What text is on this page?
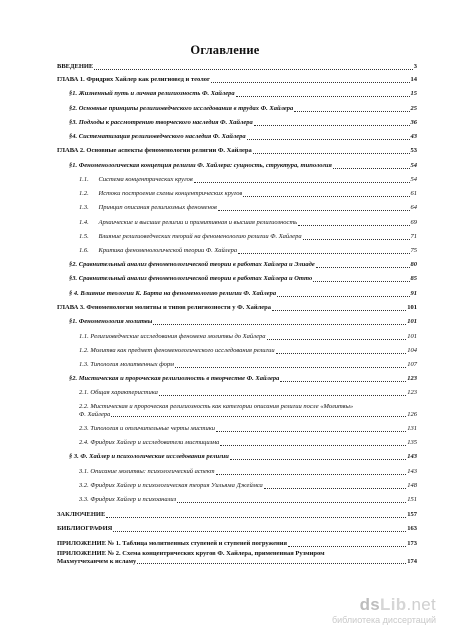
Оглавление
ВВЕДЕНИЕ	3
ГЛАВА 1. Фридрих Хайлер как религиовед и теолог	14
§1. Жизненный путь и личная религиозность Ф. Хайлера	15
§2. Основные принципы религиоведческого исследования в трудах Ф. Хайлера	25
§3. Подходы к рассмотрению творческого наследия Ф. Хайлера	36
§4. Систематизация религиоведческого наследия Ф. Хайлера	43
ГЛАВА 2. Основные аспекты феноменологии религии Ф. Хайлера	53
§1. Феноменологическая концепция религии Ф. Хайлера: сущность, структура, типология	54
1.1.      Система концентрических кругов	54
1.2.      Истоки построения схемы концентрических кругов	61
1.3.      Принцип описания религиозных феноменов	64
1.4.      Архаические и высшие религии и примитивная и высшая религиозность	69
1.5.      Влияние религиоведческих теорий на феноменологию религии Ф. Хайлера	71
1.6.      Критика феноменологической теории Ф. Хайлера	75
§2. Сравнительный анализ феноменологической теории в работах Хайлера и Элиаде	80
§3. Сравнительный анализ феноменологической теории в работах Хайлера и Отто	85
§ 4. Влияние теологии К. Барта на феноменологию религии Ф. Хайлера	91
ГЛАВА 3. Феноменология молитвы и типов религиозности у Ф. Хайлера	101
§1. Феноменология молитвы	101
1.1. Религиоведческие исследования феномена молитвы до Хайлера	101
1.2. Молитва как предмет феноменологического исследования религии	104
1.3. Типология молитвенных форм	107
§2. Мистическая и пророческая религиозность в творчестве Ф. Хайлера	123
2.1. Общая характеристика	123
2.2. Мистическая и пророческая религиозность как категории описания религии после «Молитвы»
Ф. Хайлера	126
2.3. Типология и отличительные черты мистики	131
2.4. Фридрих Хайлер и исследователи мистицизма	135
§ 3. Ф. Хайлер и психологические исследования религии	143
3.1. Описание молитвы: психологический аспект	143
3.2. Фридрих Хайлер и психологическая теория Уильяма Джеймса	148
3.3. Фридрих Хайлер и психоанализ	151
ЗАКЛЮЧЕНИЕ	157
БИБЛИОГРАФИЯ	163
ПРИЛОЖЕНИЕ № 1. Таблица молитвенных ступеней и ступеней погружения	173
ПРИЛОЖЕНИЕ № 2. Схема концентрических кругов Ф. Хайлера, примененная Рузмиром
Махмутчеханчем к исламу	174
dsLib.net
библиотека диссертаций
